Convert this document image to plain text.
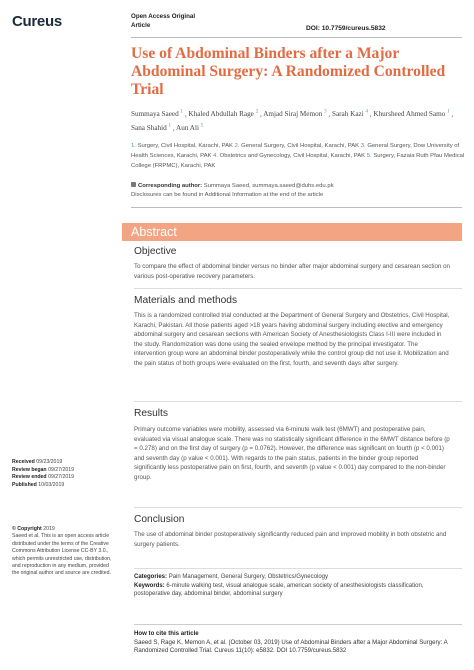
Cureus	Open Access Original
Article	DOI: 10.7759/cureus.5832
Use of Abdominal Binders after a Major Abdominal Surgery: A Randomized Controlled Trial
Summaya Saeed $^1$ , Khaled Abdullah Rage $^2$ , Amjad Siraj Memon $^3$ , Sarah Kazi $^4$ , Khursheed Ahmed Samo $^1$ , Sana Shahid $^1$ , Aun Ali $^5$
1. Surgery, Civil Hospital, Karachi, PAK 2. General Surgery, Civil Hospital, Karachi, PAK 3. General Surgery, Dow University of Health Sciences, Karachi, PAK 4. Obstetrics and Gynecology, Civil Hospital, Karachi, PAK 5. Surgery, Fazaia Ruth Pfau Medical College (FRPMC), Karachi, PAK
Corresponding author: Summaya Saeed, summaya.saeed@duhs.edu.pk
Disclosures can be found in Additional Information at the end of the article
Abstract
Objective
To compare the effect of abdominal binder versus no binder after major abdominal surgery and cesarean section on various post-operative recovery parameters.
Materials and methods
This is a randomized controlled trial conducted at the Department of General Surgery and Obstetrics, Civil Hospital, Karachi, Pakistan. All those patients aged >18 years having abdominal surgery including elective and emergency abdominal surgery and cesarean sections with American Society of Anesthesiologists Class I-III were included in the study. Randomization was done using the sealed envelope method by the principal investigator. The intervention group wore an abdominal binder postoperatively while the control group did not use it. Mobilization and the pain status of both groups were evaluated on the first, fourth, and seventh days after surgery.
Results
Primary outcome variables were mobility, assessed via 6-minute walk test (6MWT) and postoperative pain, evaluated via visual analogue scale. There was no statistically significant difference in the 6MWT distance before (p = 0.278) and on the first day of surgery (p = 0.0762). However, the difference was significant on fourth (p < 0.001) and seventh day (p value < 0.001). With regards to the pain status, patients in the binder group reported significantly less postoperative pain on first, fourth, and seventh (p value < 0.001) day compared to the non-binder group.
Conclusion
The use of abdominal binder postoperatively significantly reduced pain and improved mobility in both obstetric and surgery patients.
Received 09/23/2019
Review began 09/27/2019
Review ended 09/27/2019
Published 10/03/2019
© Copyright 2019
Saeed et al. This is an open access article distributed under the terms of the Creative Commons Attribution License CC-BY 3.0., which permits unrestricted use, distribution, and reproduction in any medium, provided the original author and source are credited.
Categories: Pain Management, General Surgery, Obstetrics/Gynecology
Keywords: 6-minute walking test, visual analogue scale, american society of anesthesiologists classification, postoperative day, abdominal binder, abdominal surgery
How to cite this article
Saeed S, Rage K, Memon A, et al. (October 03, 2019) Use of Abdominal Binders after a Major Abdominal Surgery: A Randomized Controlled Trial. Cureus 11(10): e5832. DOI 10.7759/cureus.5832
